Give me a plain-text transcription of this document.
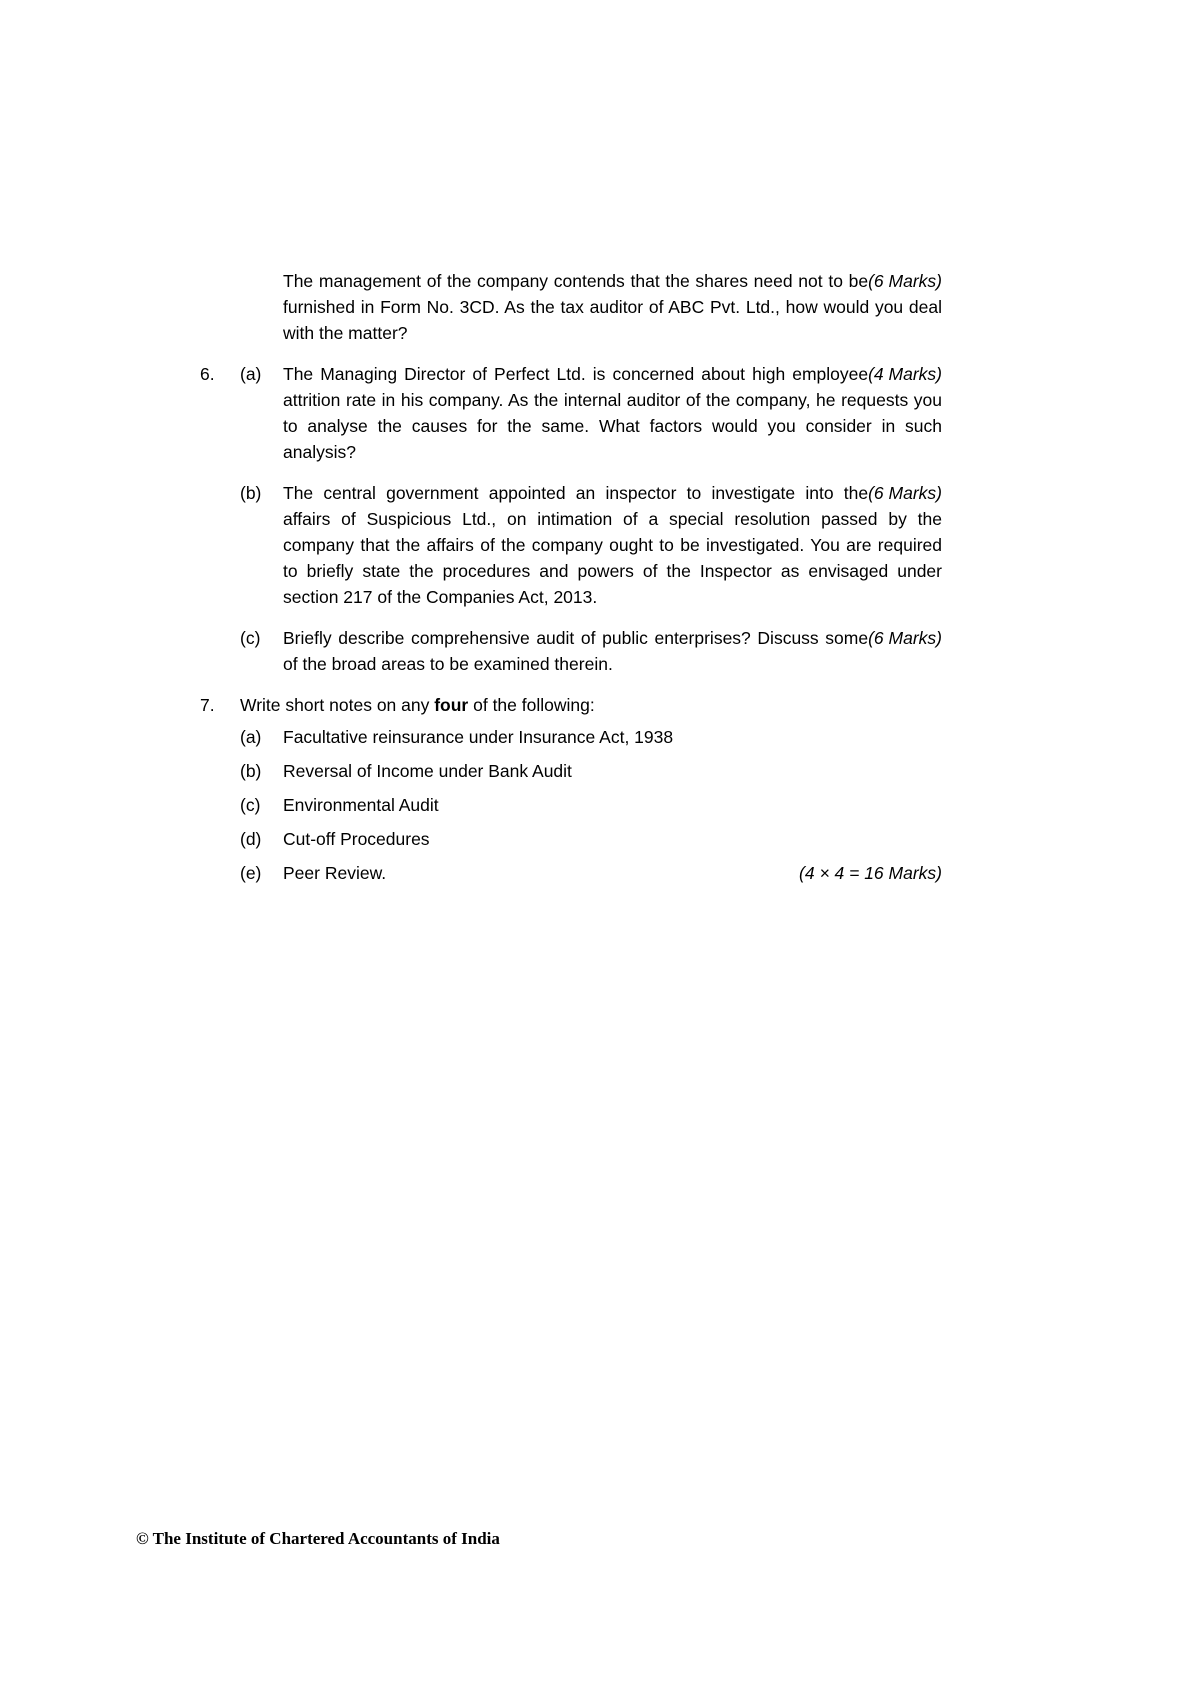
(6 Marks)
The management of the company contends that the shares need not to be furnished in Form No. 3CD. As the tax auditor of ABC Pvt. Ltd., how would you deal with the matter?

6.	(a)	(4 Marks)
The Managing Director of Perfect Ltd. is concerned about high employee attrition rate in his company. As the internal auditor of the company, he requests you to analyse the causes for the same. What factors would you consider in such analysis?

(b)	(6 Marks)
The central government appointed an inspector to investigate into the affairs of Suspicious Ltd., on intimation of a special resolution passed by the company that the affairs of the company ought to be investigated. You are required to briefly state the procedures and powers of the Inspector as envisaged under section 217 of the Companies Act, 2013.

(c)	(6 Marks)
Briefly describe comprehensive audit of public enterprises? Discuss some of the broad areas to be examined therein.

7.	Write short notes on any four of the following:

(a)	Facultative reinsurance under Insurance Act, 1938

(b)	Reversal of Income under Bank Audit

(c)	Environmental Audit

(d)	Cut-off Procedures

(e)	(4 × 4 = 16 Marks)
Peer Review.

© The Institute of Chartered Accountants of India
